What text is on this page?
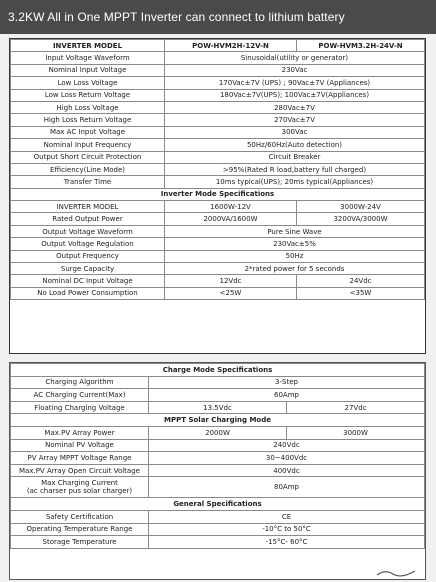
3.2KW All in One MPPT Inverter can connect to lithium battery
INVERTER MODEL	POW-HVM2H-12V-N	POW-HVM3.2H-24V-N
Input Voltage Waveform	Sinusoidal(utility or generator)	
Nominal Input Voltage	230Vac	
Low Loss Voltage	170Vac±7V (UPS) ; 90Vac±7V (Appliances)	
Low Loss Return Voltage	180Vac±7V(UPS); 100Vac±7V(Appliances)	
High Loss Voltage	280Vac±7V	
High Loss Return Voltage	270Vac±7V	
Max AC Input Voltage	300Vac	
Nominal Input Frequency	50Hz/60Hz(Auto detection)	
Output Short Circuit Protection	Circuit Breaker	
Efficiency(Line Mode)	>95%(Rated R load,battery full charged)	
Transfer Time	10ms typical(UPS); 20ms typical(Appliances)	
Inverter Mode Specifications		
INVERTER MODEL	1600W-12V	3000W-24V
Rated Output Power	2000VA/1600W	3200VA/3000W
Output Voltage Waveform	Pure Sine Wave	
Output Voltage Regulation	230Vac±5%	
Output Frequency	50Hz	
Surge Capacity	2*rated power for 5 seconds	
Nominal DC Input Voltage	12Vdc	24Vdc
No Load Power Consumption	<25W	<35W
Charge Mode Specifications		
Charging Algorithm	3-Step	
AC Charging Current(Max)	60Amp	
Floating Charging Voltage	13.5Vdc	27Vdc
MPPT Solar Charging Mode		
Max.PV Array Power	2000W	3000W
Nominal PV Voltage	240Vdc	
PV Array MPPT Voltage Range	30~400Vdc	
Max.PV Array Open Circuit Voltage	400Vdc	

Max Charging Current
(ac charser pus solar charger)	80Amp	
General Specifications		
Safety Certification	CE	
Operating Temperature Range	-10°C to 50°C	
Storage Temperature	-15°C- 60°C	
